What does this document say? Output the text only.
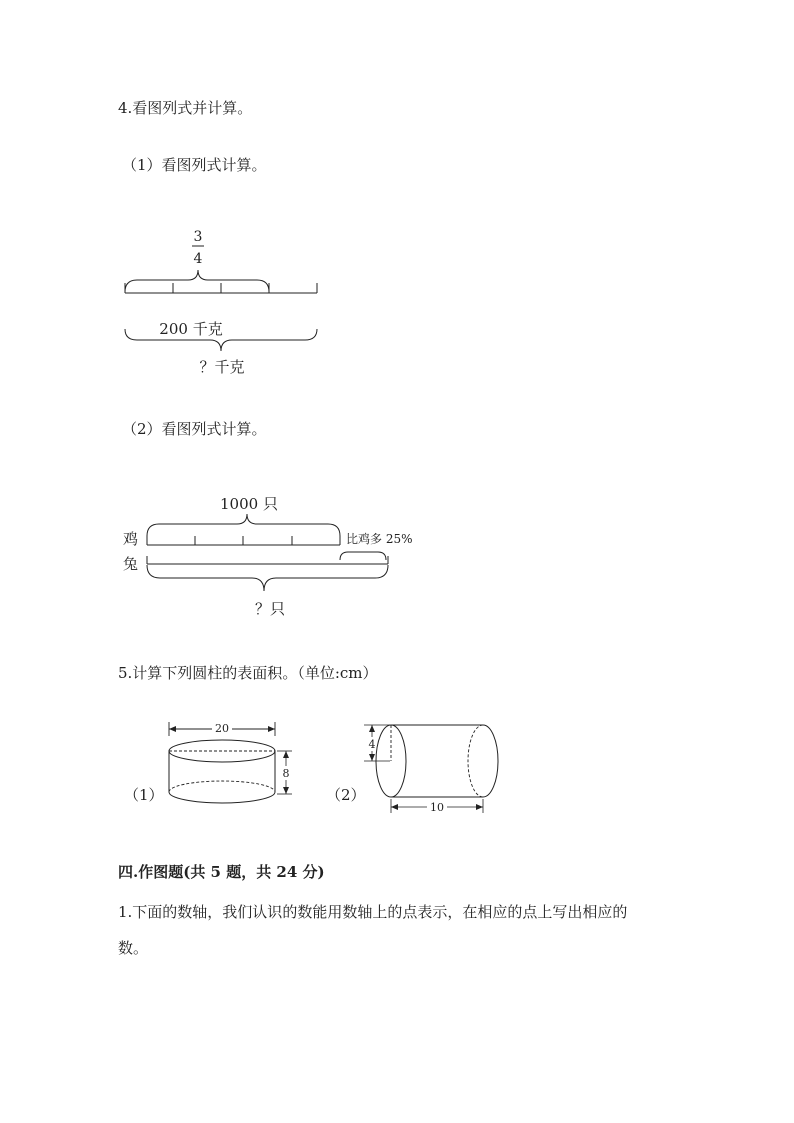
4.看图列式并计算。
（1）看图列式计算。
3
4
200 千克
？千克
（2）看图列式计算。
1000 只
鸡	比鸡多 25%
兔
？只
5.计算下列圆柱的表面积。（单位:cm）
（1）
20
8
（2）
4
10
四.作图题(共 5 题，共 24 分)
1.下面的数轴，我们认识的数能用数轴上的点表示，在相应的点上写出相应的
数。
